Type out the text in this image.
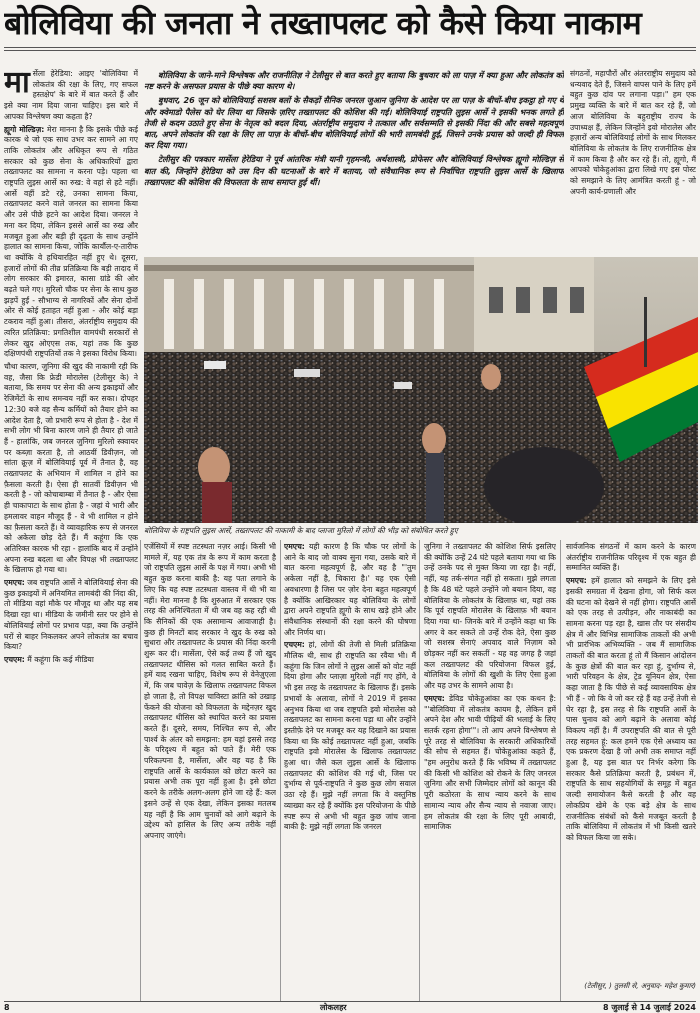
बोलिविया की जनता ने तख्तापलट को कैसे किया नाकाम

मार्सेला हेरेडिया: आइए 'बोलिविया में लोकतंत्र की रक्षा के लिए, गए सफल हस्तक्षेप' के बारे में बात करते हैं और इसे क्या नाम दिया जाना चाहिए। इस बारे में आपका विश्लेषण क्या कहता है?

ह्यूगो मोल्डिज़: मेरा मानना है कि इसके पीछे कई कारक थे जो एक साथ उभर कर सामने आ गए ताकि लोकतंत्र और अधिकृत रूप से गठित सरकार को कुछ सेना के अधिकारियों द्वारा तख्तापलट का सामना न करना पड़े। पहला था राष्ट्रपति लुइस आर्से का रुख: वे वहां से हटे नहीं। आर्से वहीं डटे रहे, उनका सामना किया, तख्तापलट करने वाले जनरल का सामना किया और उसे पीछे हटने का आदेश दिया। जनरल ने मना कर दिया, लेकिन इससे आर्से का रुख और मजबूत हुआ और बड़ी ही दृढ़ता के साथ उन्होंने हालात का सामना किया, जोकि कार्यौल-ए-तारीफ था क्योंकि वे हथियारहित नहीं हुए थे। दूसरा, हजारों लोगों की तीव्र प्रतिक्रिया कि बड़ी तादाद में लोग सरकार की इमारत, कासा ग्रांडे की ओर बढ़ते चले गए। मुरिलो चौक पर सेना के साथ कुछ झड़पें हुईं - सौभाग्य से नागरिकों और सेना दोनों ओर से कोई हताहत नहीं हुआ - और कोई बड़ा टकराव नहीं हुआ। तीसरा, अंतर्राष्ट्रीय समुदाय की त्वरित प्रतिक्रिया: प्रगतिशील वामपंथी सरकारों से लेकर खुद ओएएस तक, यहां तक कि कुछ दक्षिणपंथी राष्ट्रपतियों तक ने इसका विरोध किया।

चौथा कारण, जुनिगा की खुद की नाकामी रही कि वह, जैसा कि फ्रेडी मोरालेस (टेलीसुर के) ने बताया, कि समय पर सेना की अन्य इकाइयों और रेजिमेंटों के साथ समन्वय नहीं कर सका। दोपहर 12:30 बजे वह सैन्य कर्मियों को तैयार होने का आदेश देता है, जो प्रभारी रूप से होता है - देश में सभी लोग भी बिना कारण जाने ही तैयार हो जाते हैं - हालांकि, जब जनरल जुनिगा मुरिलो स्क्वायर पर कब्ज़ा करता है, तो आठवीं डिवीज़न, जो सांता क्रूज़ में बोलिवियाई पूर्व में तैनात है, वह तख्तापलट के अभियान में शामिल न होने का फ़ैसला करती है। ऐसा ही सातवीं डिवीज़न भी करती है - जो कोचाबाम्बा में तैनात है - और ऐसा ही चाकापाटा के साथ होता है - जहां ये भारी और हमलावर वाहन मौजूद हैं - वे भी शामिल न होने का फ़ैसला करते हैं। वे व्यावहारिक रूप से जनरल को अकेला छोड़ देते हैं। मैं कहूंगा कि एक अतिरिक्त कारक भी रहा - हालांकि बाद में उन्होंने अपना रुख बदला था और विपक्ष भी तख्तापलट के खिलाफ हो गया था।

एमएच: जब राष्ट्रपति आर्से ने बोलिवियाई सेना की कुछ इकाइयों में अनियमित लामबंदी की निंदा की, तो मीडिया वहां मौके पर मौजूद था और यह सब दिखा रहा था। मीडिया के जमीनी स्तर पर होने से बोलिवियाई लोगों पर प्रभाव पड़ा, क्या कि उन्होंने घरों से बाहर निकलकर अपने लोकतंत्र का बचाव किया?

एचएम: मैं कहूंगा कि कई मीडिया

बोलिविया के जाने-माने विश्लेषक और राजनीतिज्ञ ने टेलीसुर से बात करते हुए बताया कि बुधवार को ला पाज़ में क्या हुआ और लोकतंत्र को नष्ट करने के असफल प्रयास के पीछे क्या कारण थे।

बुधवार, 26 जून को बोलिवियाई सशस्त्र बलों के सैकड़ों सैनिक जनरल जुआन जुनिगा के आदेश पर ला पाज़ के बीचों-बीच इकट्ठा हो गए थे और क्वेमाडो पैलेस को घेर लिया था जिसके ज़रिए तख्तापलट की कोशिश की गई। बोलिवियाई राष्ट्रपति लुइस आर्से ने इसकी भनक लगते ही तेजी से कदम उठाते हुए सेना के नेतृत्व को बदल दिया, अंतर्राष्ट्रीय समुदाय ने तत्काल और सर्वसम्मति से इसकी निंदा की और सबसे महत्वपूर्ण बात, अपने लोकतंत्र की रक्षा के लिए ला पाज़ के बीचों-बीच बोलिवियाई लोगों की भारी लामबंदी हुई, जिसने उनके प्रयास को जल्दी ही विफल कर दिया गया।

टेलीसुर की पत्रकार मार्सेला हेरेडिया ने पूर्व आंतरिक मंत्री यानी गृहमन्त्री, अर्थशास्त्री, प्रोफेसर और बोलिवियाई विश्लेषक ह्यूगो मोल्डिज़ से बात की, जिन्होंने हेरेडिया को उस दिन की घटनाओं के बारे में बताया, जो संवैधानिक रूप से निर्वाचित राष्ट्रपति लुइस आर्से के खिलाफ तख्तापलट की कोशिश की विफलता के साथ समाप्त हुई थीं।

संगठनों, महापौरों और अंतरराष्ट्रीय समुदाय को धन्यवाद देते हैं, जिसने वापस पाने के लिए हमें बहुत कुछ दांव पर लगाना पड़ा।" हम एक प्रमुख व्यक्ति के बारे में बात कर रहे हैं, जो आज बोलिविया के बहुराष्ट्रीय राज्य के उपाध्यक्ष हैं, लेकिन जिन्होंने इवो मोरालेस और हज़ारों अन्य बोलिवियाई लोगों के साथ मिलकर बोलिविया के लोकतंत्र के लिए राजनीतिक क्षेत्र में काम किया है और कर रहे हैं। तो, ह्यूगो, मैं आपको चोकेहुआंका द्वारा लिखे गए इस पोस्ट को समझाने के लिए आमंत्रित करती हूं - जो अपनी कार्य-प्रणाली और

बोलिविया के राष्ट्रपति लुइस आर्से, तख्तापलट की नाकामी के बाद प्लाजा मुरिलो में लोगों की भीड़ को संबोधित करते हुए

एजेंसियों में स्पष्ट तटस्थता नज़र आई। किसी भी मामले में, यह एक तंत्र के रूप में काम करता है जो राष्ट्रपति लुइस आर्से के पक्ष में गया। अभी भी बहुत कुछ करना बाकी है: यह पता लगाने के लिए कि यह स्पष्ट तटस्थता वास्तव में थी भी या नहीं। मेरा मानना है कि शुरुआत में सरकार एक तरह की अनिश्चितता में थी जब वह कह रही थी कि सैनिकों की एक असामान्य आवाजाही है। कुछ ही मिनटों बाद सरकार ने खुद के रुख को सुधारा और तख्तापलट के प्रयास की निंदा करनी शुरू कर दी। मार्सेला, ऐसे कई तथ्य हैं जो खुद तख्तापलट थीसिस को गलत साबित करते हैं। हमें याद रखना चाहिए, विशेष रूप से वेनेज़ुएला में, कि जब चावेज़ के खिलाफ तख्तापलट विफल हो जाता है, तो विपक्ष चाविस्टा क्रांति को उखाड़ फेंकने की योजना को विफलता के मद्देनज़र खुद तख्तापलट थीसिस को स्थापित करने का प्रयास करते हैं। दूसरे, समय, निश्चित रूप से, और पार्श्व के अंतर को समझना: हम यहां इससे तरह के परिदृश्य में बहुत को पाते हैं। मेरी एक परिकल्पना है, मार्सेला, और वह यह है कि राष्ट्रपति आर्से के कार्यकाल को छोटा करने का प्रयास अभी तक पूरा नहीं हुआ है। इसे छोटा करने के तरीके अलग-अलग होने जा रहे हैं: कल इसने उन्हें से एक देखा, लेकिन इसका मतलब यह नहीं है कि आम चुनावों को आगे बढ़ाने के उद्देश्य को हासिल के लिए अन्य तरीके नहीं अपनाए जाएंगे।

एमएच: यही कारण है कि चौक पर लोगों के आने के बाद जो वाक्य सुना गया, उसके बारे में बात करना महत्वपूर्ण है, और वह है "'तुम अकेला नहीं है, चिकारा है।' यह एक ऐसी अवधारणा है जिस पर ज़ोर देना बहुत महत्वपूर्ण है क्योंकि आखिरकार यह बोलिविया के लोगों द्वारा अपने राष्ट्रपति ह्यूगो के साथ खड़े होने और संवैधानिक संस्थानों की रक्षा करने की घोषणा और निर्णय था।

एचएम: हां, लोगों की तेजी से मिली प्रतिक्रिया मौलिक थी, साथ ही राष्ट्रपति का रवैया भी। मैं कहूंगा कि जिन लोगों ने लुइस आर्से को वोट नहीं दिया होगा और प्लाज़ा मुरिलो नहीं गए होंगे, वे भी इस तरह के तख्तापलट के खिलाफ हैं। इसके प्रभावों के अलावा, लोगों ने 2019 में इसका अनुभव किया था जब राष्ट्रपति इवो मोरालेस को तख्तापलट का सामना करना पड़ा था और उन्होंने इस्तीफ़े देने पर मजबूर कर यह दिखाने का प्रयास किया था कि कोई तख्तापलट नहीं हुआ, जबकि राष्ट्रपति इवो मोरालेस के खिलाफ तख्तापलट हुआ था। जैसे कल लुइस आर्से के खिलाफ तख्तापलट की कोशिश की गई थी, जिस पर दुर्भाग्य से पूर्व-राष्ट्रपति ने कुछ कुछ लोग सवाल उठा रहे हैं। मुझे नहीं लगता कि वे वस्तुनिष्ठ व्याख्या कर रहे हैं क्योंकि इस परियोजना के पीछे स्पष्ट रूप से अभी भी बहुत कुछ जांच जाना बाकी है: मुझे नहीं लगता कि जनरल

जुनिगा ने तख्तापलट की कोशिश सिर्फ इसलिए की क्योंकि उन्हें 24 घंटे पहले बताया गया था कि उन्हें उनके पद से मुक्त किया जा रहा है। नहीं, नहीं, यह तर्क-संगत नहीं हो सकता। मुझे लगता है कि 48 घंटे पहले उन्होंने जो बयान दिया, वह बोलिविया के लोकतंत्र के खिलाफ़ था, यहां तक कि पूर्व राष्ट्रपति मोरालेस के खिलाफ़ भी बयान दिया गया था- जिनके बारे में उन्होंने कहा था कि अगर वे कर सकते तो उन्हें रोक देते, ऐसा कुछ जो सशस्त्र सेनाएं अपवाद वाले निज़ाम को छोड़कर नहीं कर सकतीं - यह वह जगह है जहां कल तख्तापलट की परियोजना विफल हुई, बोलिविया के लोगों की खुशी के लिए ऐसा हुआ और यह उभर के सामने आया है।

एमएच: डेविड चोकेहुआंका का एक कथन है: "'बोलिविया में लोकतंत्र कायम है, लेकिन हमें अपने देश और भावी पीढ़ियों की भलाई के लिए सतर्क रहना होगा'"। तो आप अपने विश्लेषण से पूरे तरह से बोलिविया के सरकारी अधिकारियों की सोच से सहमत हैं। चोकेहुआंका कहते हैं, "हम अनुरोध करते हैं कि भविष्य में तख्तापलट की किसी भी कोशिश को रोकने के लिए जनरल जुनिगा और सभी जिम्मेदार लोगों को कानून की पूरी कठोरता के साथ न्याय करने के साथ सामान्य न्याय और सैन्य न्याय से नवाजा जाए। हम लोकतंत्र की रक्षा के लिए पूरी आबादी, सामाजिक

सार्वजनिक संगठनों में काम करने के कारण अंतर्राष्ट्रीय राजनीतिक परिदृश्य में एक बहुत ही सम्मानित व्यक्ति हैं।

एमएच: हमें हालात को समझने के लिए इसे इसकी समग्रता में देखना होगा, जो सिर्फ कल की घटना को देखने से नहीं होगा। राष्ट्रपति आर्से को एक तरह से उत्पीड़न, और नाकाबंदी का सामना करना पड़ रहा है, खास तौर पर संसदीय क्षेत्र में और विभिन्न सामाजिक ताकतों की अभी भी प्रारंभिक अभिव्यक्ति - जब मैं सामाजिक ताकतों की बात करता हूं तो मैं किसान आंदोलन के कुछ क्षेत्रों की बात कर रहा हूं, दुर्भाग्य से, भारी परिवहन के क्षेत्र, ट्रेड यूनियन क्षेत्र, ऐसा कहा जाता है कि पीछे से कई व्यावसायिक क्षेत्र भी हैं - जो कि वे जो कर रहे हैं वह उन्हें तेजी से घेर रहा है, इस तरह से कि राष्ट्रपति आर्से के पास चुनाव को आगे बढ़ाने के अलावा कोई विकल्प नहीं है। मैं उपराष्ट्रपति की बात से पूरी तरह सहमत हूं: कल हमने एक ऐसे अध्याय का एक प्रकरण देखा है जो अभी तक समाप्त नहीं हुआ है, यह इस बात पर निर्भर करेगा कि सरकार कैसे प्रतिक्रिया करती है, प्रबंधन में, राष्ट्रपति के साथ सहयोगियों के समूह में बहुत जल्दी समायोजन कैसे करती है और वह लोकप्रिय खेमे के एक बड़े क्षेत्र के साथ राजनीतिक संबंधों को कैसे मजबूत करती है ताकि बोलिविया में लोकतंत्र में भी किसी खतरे को विफल किया जा सके।

(टेलीसुर, ) तुलसी से, अनुवाद- महेश कुमार)
8	लोकलहर	8 जुलाई से 14 जुलाई 2024
